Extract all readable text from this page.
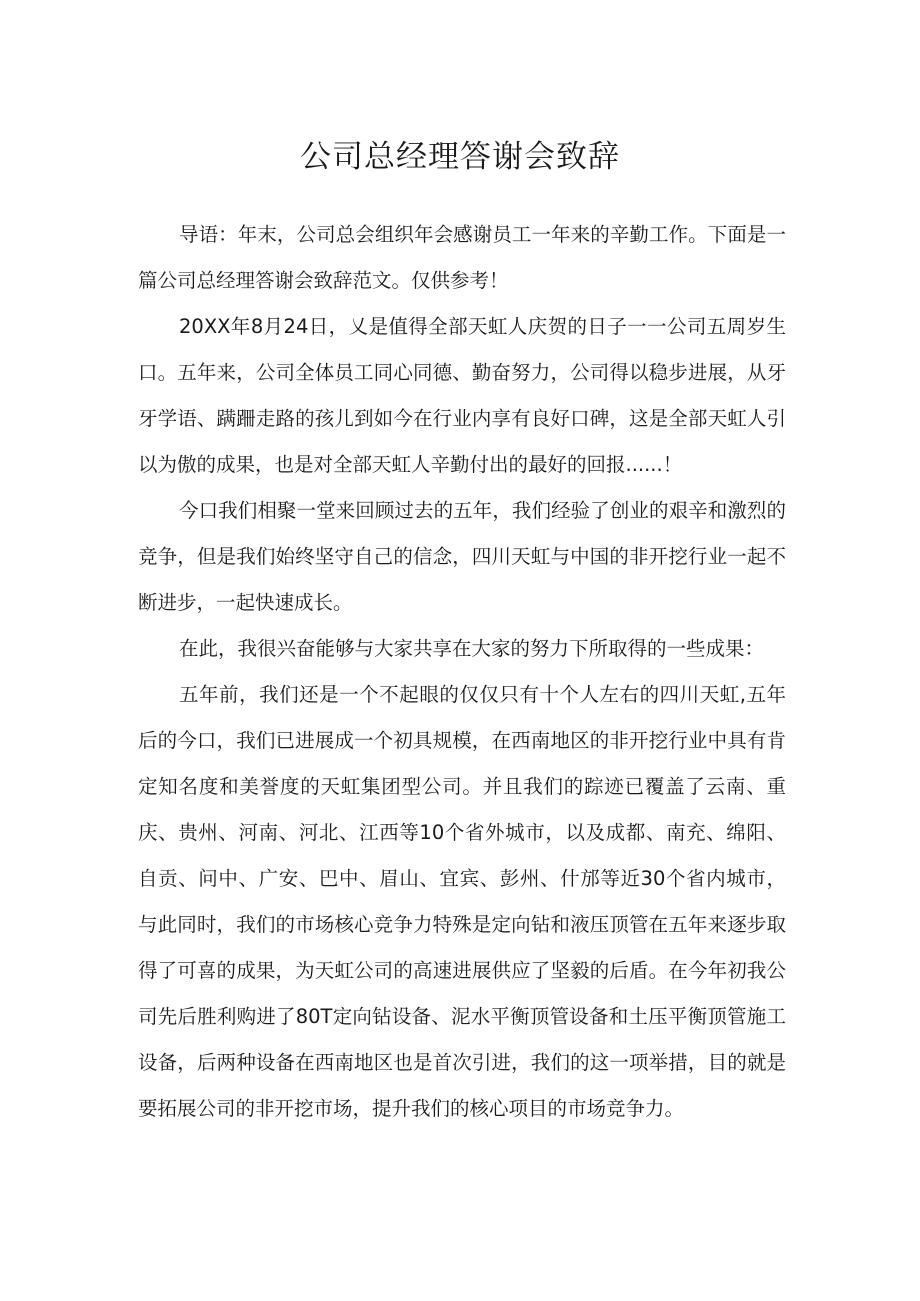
公司总经理答谢会致辞

导语：年末，公司总会组织年会感谢员工一年来的辛勤工作。下面是一篇公司总经理答谢会致辞范文。仅供参考！

20XX年8月24日，乂是值得全部天虹人庆贺的日子一一公司五周岁生口。五年来，公司全体员工同心同德、勤奋努力，公司得以稳步进展，从牙牙学语、蹒跚走路的孩儿到如今在行业内享有良好口碑，这是全部天虹人引以为傲的成果，也是对全部天虹人辛勤付出的最好的回报......！

今口我们相聚一堂来回顾过去的五年，我们经验了创业的艰辛和激烈的竞争，但是我们始终坚守自己的信念，四川天虹与中国的非开挖行业一起不断进步，一起快速成长。

在此，我很兴奋能够与大家共享在大家的努力下所取得的一些成果：

五年前，我们还是一个不起眼的仅仅只有十个人左右的四川天虹,五年后的今口，我们已进展成一个初具规模，在西南地区的非开挖行业中具有肯定知名度和美誉度的天虹集团型公司。并且我们的踪迹已覆盖了云南、重庆、贵州、河南、河北、江西等10个省外城市，以及成都、南充、绵阳、自贡、问中、广安、巴中、眉山、宜宾、彭州、什邡等近30个省内城市，与此同时，我们的市场核心竞争力特殊是定向钻和液压顶管在五年来逐步取得了可喜的成果，为天虹公司的高速进展供应了坚毅的后盾。在今年初我公司先后胜利购进了80T定向钻设备、泥水平衡顶管设备和土压平衡顶管施工设备，后两种设备在西南地区也是首次引进，我们的这一项举措，目的就是要拓展公司的非开挖市场，提升我们的核心项目的市场竞争力。
